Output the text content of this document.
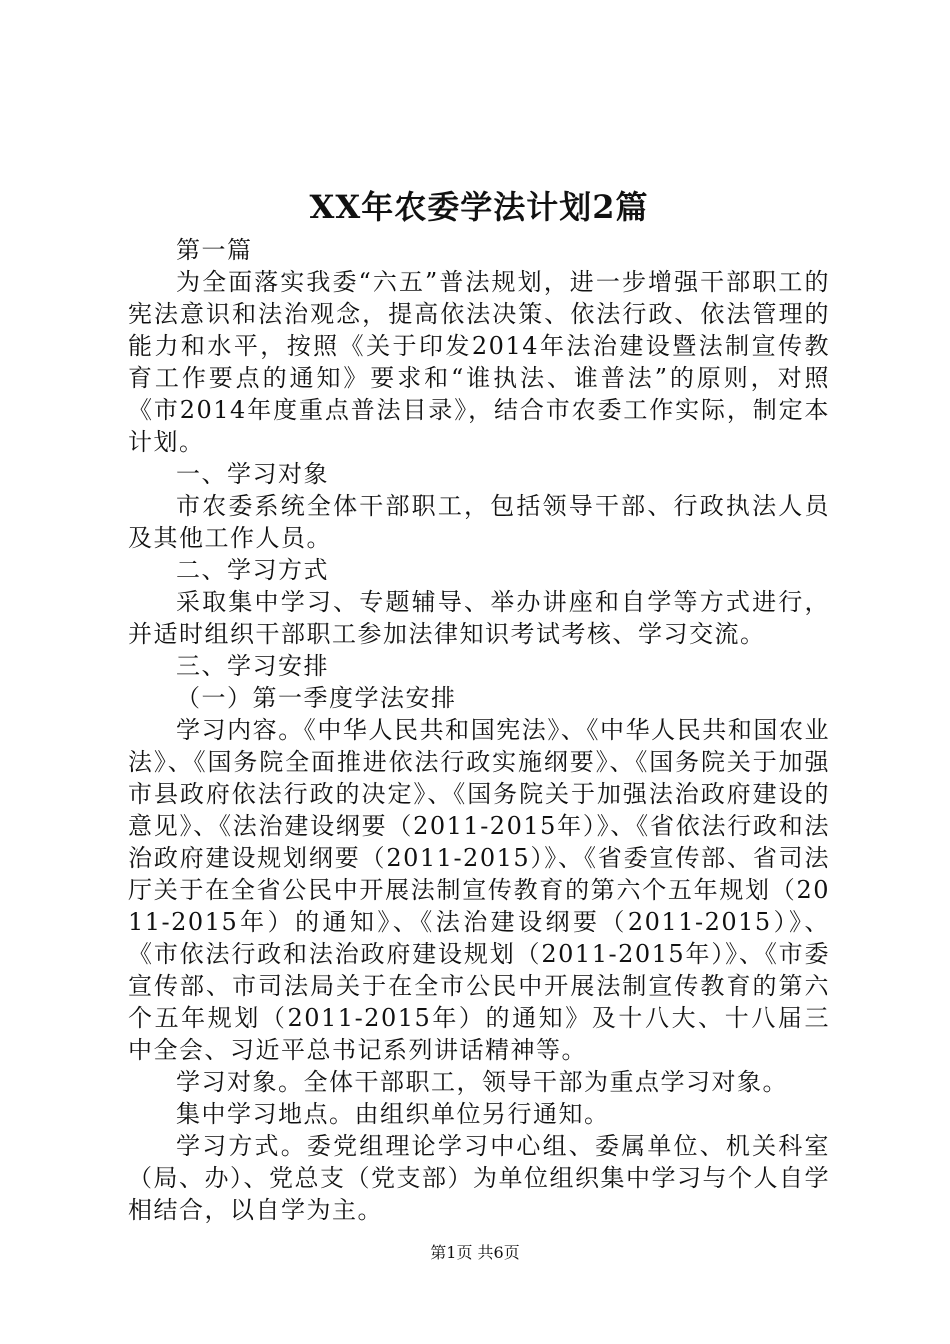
XX年农委学法计划2篇

第一篇

为全面落实我委“六五”普法规划，进一步增强干部职工的宪法意识和法治观念，提高依法决策、依法行政、依法管理的能力和水平，按照《关于印发2014年法治建设暨法制宣传教育工作要点的通知》要求和“谁执法、谁普法”的原则，对照《市2014年度重点普法目录》，结合市农委工作实际，制定本计划。

一、学习对象

市农委系统全体干部职工，包括领导干部、行政执法人员及其他工作人员。

二、学习方式

采取集中学习、专题辅导、举办讲座和自学等方式进行，并适时组织干部职工参加法律知识考试考核、学习交流。

三、学习安排

（一）第一季度学法安排

学习内容。《中华人民共和国宪法》、《中华人民共和国农业法》、《国务院全面推进依法行政实施纲要》、《国务院关于加强市县政府依法行政的决定》、《国务院关于加强法治政府建设的意见》、《法治建设纲要（2011-2015年）》、《省依法行政和法治政府建设规划纲要（2011-2015）》、《省委宣传部、省司法厅关于在全省公民中开展法制宣传教育的第六个五年规划（2011-2015年）的通知》、《法治建设纲要（2011-2015）》、《市依法行政和法治政府建设规划（2011-2015年）》、《市委宣传部、市司法局关于在全市公民中开展法制宣传教育的第六个五年规划（2011-2015年）的通知》及十八大、十八届三中全会、习近平总书记系列讲话精神等。

学习对象。全体干部职工，领导干部为重点学习对象。

集中学习地点。由组织单位另行通知。

学习方式。委党组理论学习中心组、委属单位、机关科室（局、办）、党总支（党支部）为单位组织集中学习与个人自学相结合，以自学为主。

第1页 共6页
